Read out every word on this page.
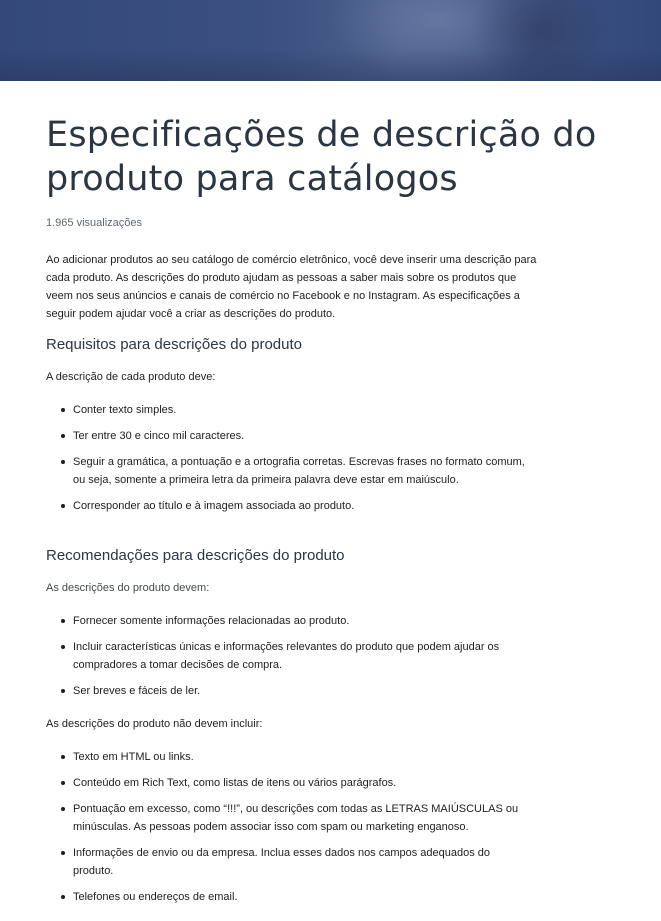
Especificações de descrição do produto para catálogos
1.965 visualizações

Ao adicionar produtos ao seu catálogo de comércio eletrônico, você deve inserir uma descrição para cada produto. As descrições do produto ajudam as pessoas a saber mais sobre os produtos que veem nos seus anúncios e canais de comércio no Facebook e no Instagram. As especificações a seguir podem ajudar você a criar as descrições do produto.

Requisitos para descrições do produto

A descrição de cada produto deve:

Conter texto simples.
Ter entre 30 e cinco mil caracteres.
Seguir a gramática, a pontuação e a ortografia corretas. Escrevas frases no formato comum, ou seja, somente a primeira letra da primeira palavra deve estar em maiúsculo.
Corresponder ao título e à imagem associada ao produto.
Recomendações para descrições do produto

As descrições do produto devem:

Fornecer somente informações relacionadas ao produto.
Incluir características únicas e informações relevantes do produto que podem ajudar os compradores a tomar decisões de compra.
Ser breves e fáceis de ler.

As descrições do produto não devem incluir:

Texto em HTML ou links.
Conteúdo em Rich Text, como listas de itens ou vários parágrafos.
Pontuação em excesso, como “!!!”, ou descrições com todas as LETRAS MAIÚSCULAS ou minúsculas. As pessoas podem associar isso com spam ou marketing enganoso.
Informações de envio ou da empresa. Inclua esses dados nos campos adequados do produto.
Telefones ou endereços de email.
